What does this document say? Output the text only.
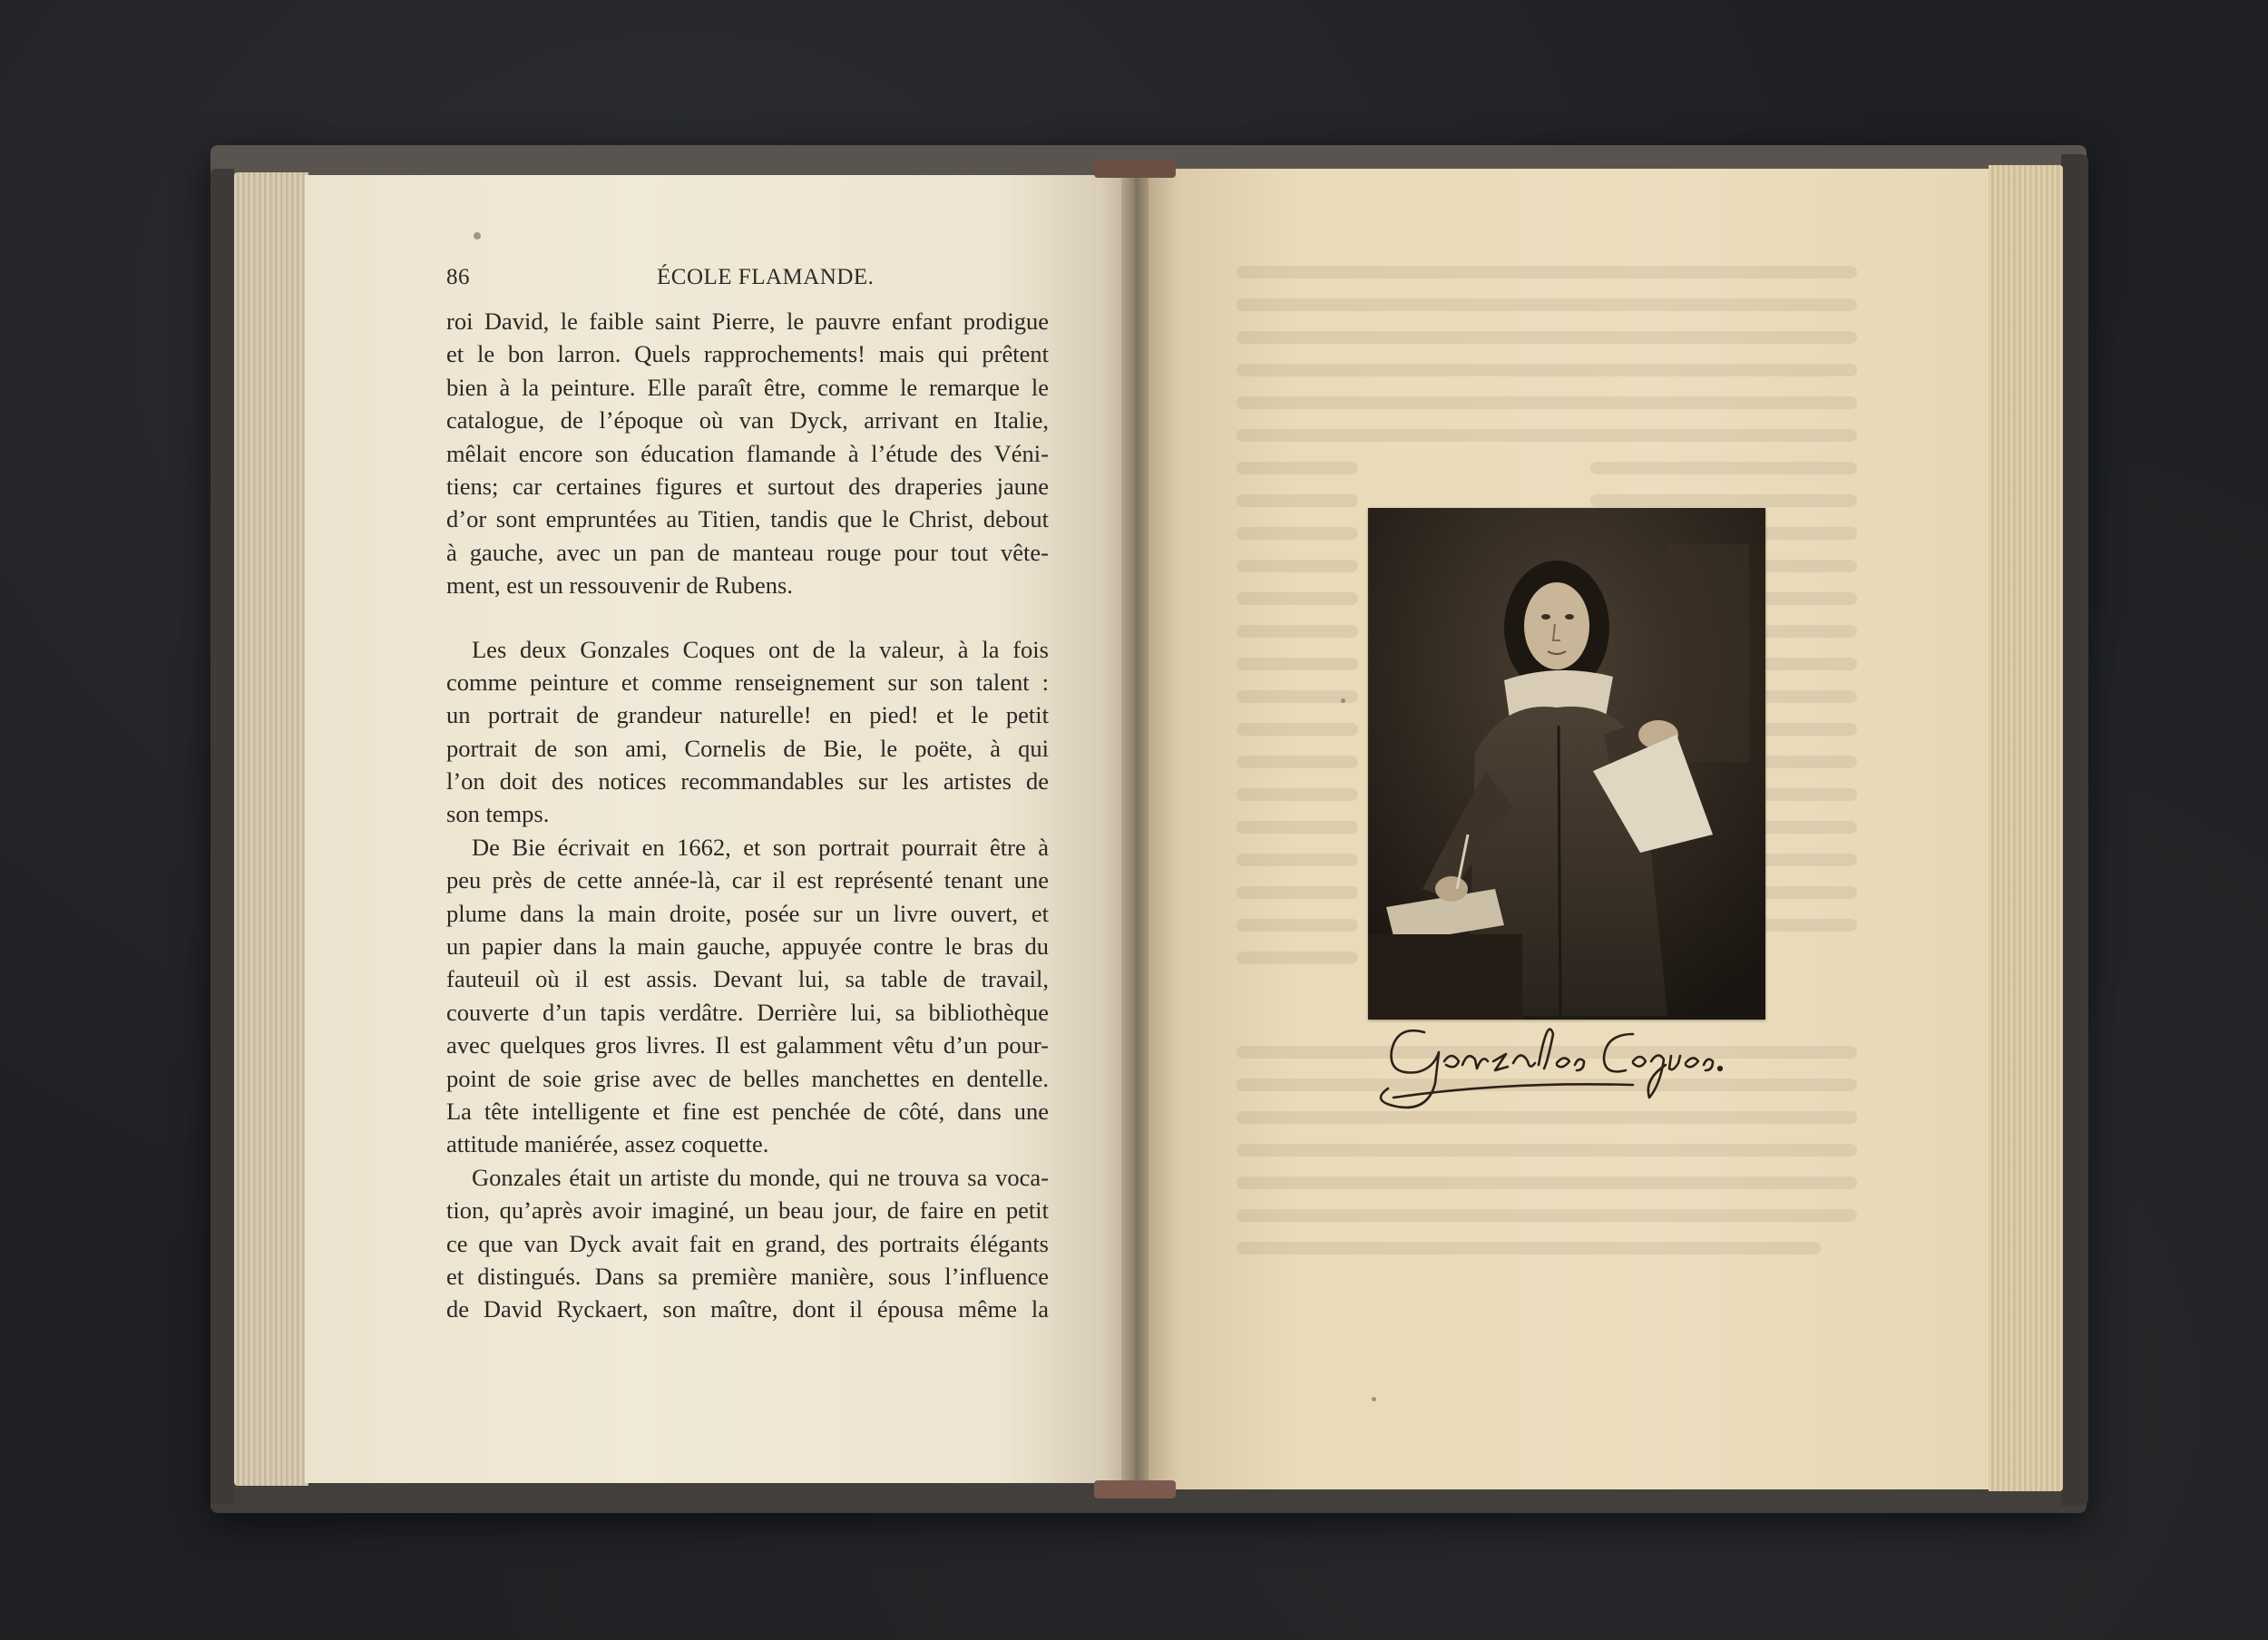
86	ÉCOLE FLAMANDE.
roi David, le faible saint Pierre, le pauvre enfant prodigue
et le bon larron. Quels rapprochements! mais qui prêtent
bien à la peinture. Elle paraît être, comme le remarque le
catalogue, de l’époque où van Dyck, arrivant en Italie,
mêlait encore son éducation flamande à l’étude des Véni-
tiens; car certaines figures et surtout des draperies jaune
d’or sont empruntées au Titien, tandis que le Christ, debout
à gauche, avec un pan de manteau rouge pour tout vête-
ment, est un ressouvenir de Rubens.
Les deux Gonzales Coques ont de la valeur, à la fois
comme peinture et comme renseignement sur son talent :
un portrait de grandeur naturelle! en pied! et le petit
portrait de son ami, Cornelis de Bie, le poëte, à qui
l’on doit des notices recommandables sur les artistes de
son temps.
De Bie écrivait en 1662, et son portrait pourrait être à
peu près de cette année-là, car il est représenté tenant une
plume dans la main droite, posée sur un livre ouvert, et
un papier dans la main gauche, appuyée contre le bras du
fauteuil où il est assis. Devant lui, sa table de travail,
couverte d’un tapis verdâtre. Derrière lui, sa bibliothèque
avec quelques gros livres. Il est galamment vêtu d’un pour-
point de soie grise avec de belles manchettes en dentelle.
La tête intelligente et fine est penchée de côté, dans une
attitude maniérée, assez coquette.
Gonzales était un artiste du monde, qui ne trouva sa voca-
tion, qu’après avoir imaginé, un beau jour, de faire en petit
ce que van Dyck avait fait en grand, des portraits élégants
et distingués. Dans sa première manière, sous l’influence
de David Ryckaert, son maître, dont il épousa même la
